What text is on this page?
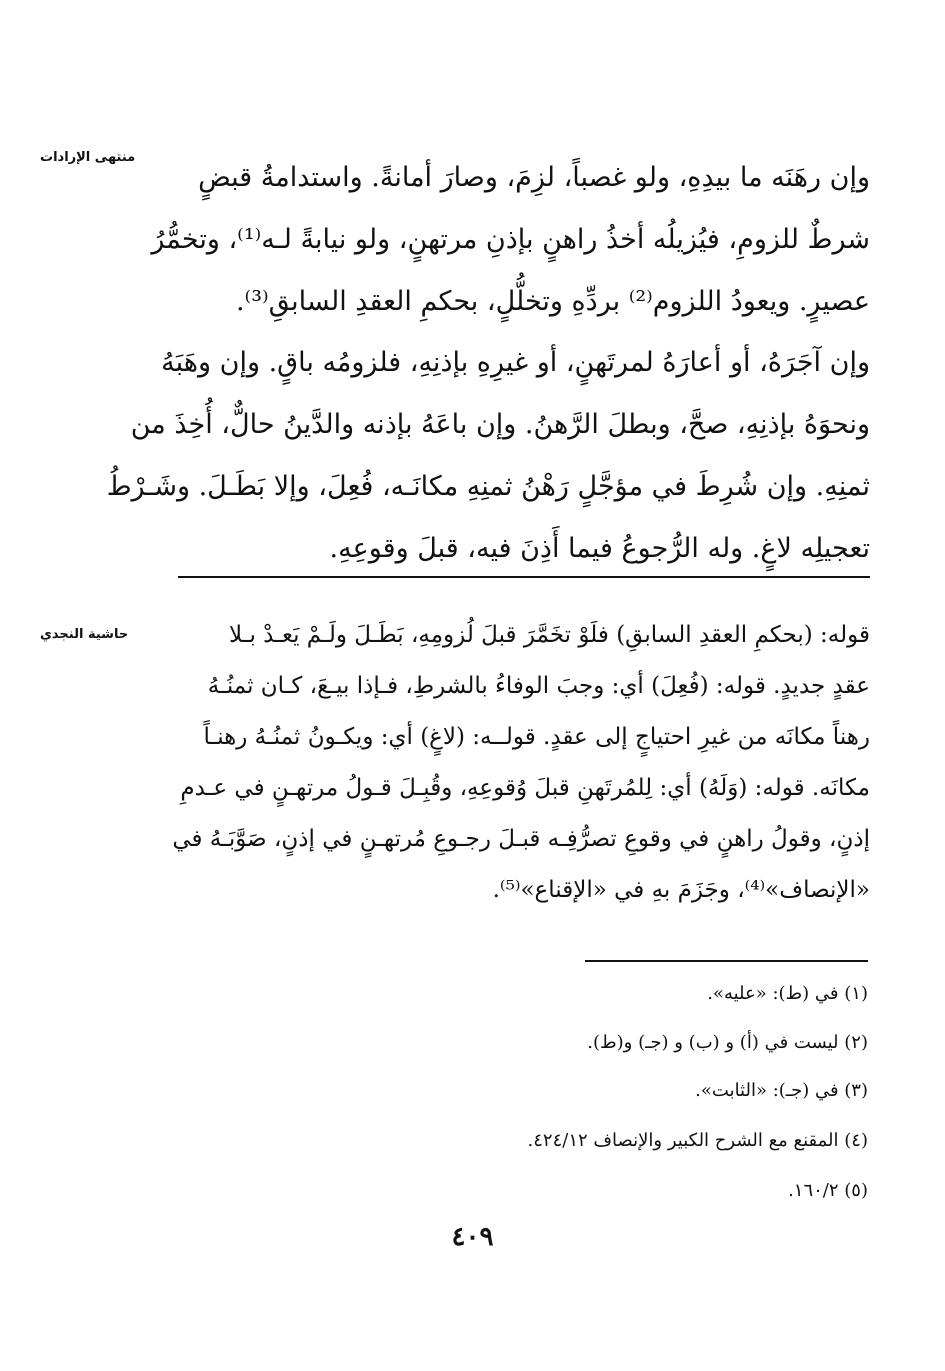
منتهى الإرادات
حاشية النجدي
وإن رهَنَه ما بيدِهِ، ولو غصباً، لزِمَ، وصارَ أمانةً. واستدامةُ قبضٍ
شرطٌ للزومِ، فيُزيلُه أخذُ راهنٍ بإذنِ مرتهنٍ، ولو نيابةً لـه⁽¹⁾، وتخمُّرُ
عصيرٍ. ويعودُ اللزوم⁽²⁾ بردِّهِ وتخلُّلٍ، بحكمِ العقدِ السابقِ⁽³⁾.
وإن آجَرَهُ، أو أعارَهُ لمرتَهنٍ، أو غيرِهِ بإذنِهِ، فلزومُه باقٍ. وإن وهَبَهُ
ونحوَهُ بإذنِهِ، صحَّ، وبطلَ الرَّهنُ. وإن باعَهُ بإذنه والدَّينُ حالٌّ، أُخِذَ من
ثمنِهِ. وإن شُرِطَ في مؤجَّلٍ رَهْنُ ثمنِهِ مكانَـه، فُعِلَ، وإلا بَطَـلَ. وشَـرْطُ
تعجيلِه لاغٍ. وله الرُّجوعُ فيما أَذِنَ فيه، قبلَ وقوعِهِ.
قوله: (بحكمِ العقدِ السابقِ) فلَوْ تخَمَّرَ قبلَ لُزومِهِ، بَطَـلَ ولَـمْ يَعـدْ بـلا
عقدٍ جديدٍ. قوله: (فُعِلَ) أي: وجبَ الوفاءُ بالشرطِ، فـإذا بيـعَ، كـان ثمنُـهُ
رهناً مكانَه من غيرِ احتياجٍ إلى عقدٍ. قولــه: (لاغٍ) أي: ويكـونُ ثمنُـهُ رهنـاً
مكانَه. قوله: (وَلَهُ) أي: لِلمُرتَهنِ قبلَ وُقوعِهِ، وقُبِـلَ قـولُ مرتهـنٍ في عـدمِ
إذنٍ، وقولُ راهنٍ في وقوعِ تصرُّفِـه قبـلَ رجـوعِ مُرتهـنٍ في إذنٍ، صَوَّبَـهُ في
«الإنصاف»⁽⁴⁾، وجَزَمَ بهِ في «الإقناع»⁽⁵⁾.
(١) في (ط): «عليه».
(٢) ليست في (أ) و (ب) و (جـ) و(ط).
(٣) في (جـ): «الثابت».
(٤) المقنع مع الشرح الكبير والإنصاف ٤٢٤/١٢.
(٥) ١٦٠/٢.
٤٠٩
